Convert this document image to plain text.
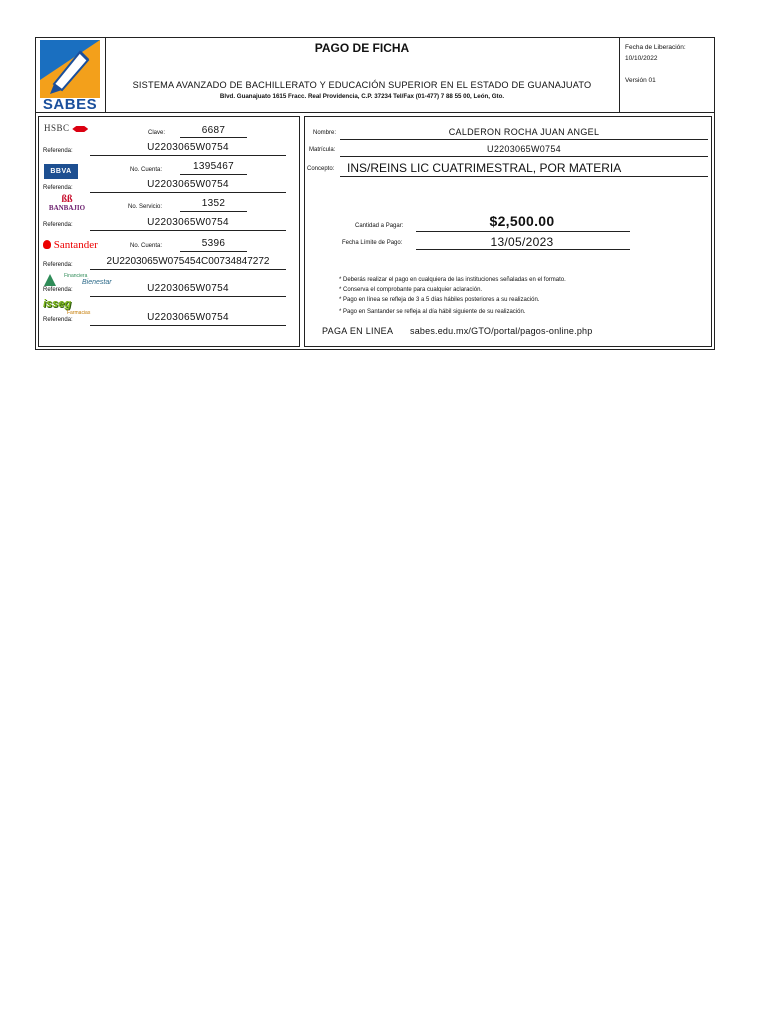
SABES
PAGO DE FICHA
SISTEMA AVANZADO DE BACHILLERATO Y EDUCACIÓN SUPERIOR EN EL ESTADO DE GUANAJUATO
Blvd. Guanajuato 1615 Fracc. Real Providencia, C.P. 37234 Tel/Fax (01-477) 7 88 55 00, León, Gto.
Fecha de Liberación:
10/10/2022
Versión 01
HSBC	Clave:	6687
Referenda:	U2203065W0754
BBVA	No. Cuenta:	1395467
Referenda:	U2203065W0754
ßß
BANBAJIO	No. Servicio:	1352
Referenda:	U2203065W0754
Santander	No. Cuenta:	5396
Referenda:	2U2203065W075454C00734847272
Financiera
Bienestar
Referenda:	U2203065W0754
isseg
Farmacias
Referenda:	U2203065W0754
Nombre:	CALDERON ROCHA JUAN ANGEL
Matrícula:	U2203065W0754
Concepto: INS/REINS LIC CUATRIMESTRAL, POR MATERIA
Cantidad a Pagar:	$2,500.00
Fecha Límite de Pago:	13/05/2023
* Deberás realizar el pago en cualquiera de las instituciones señaladas en el formato.
* Conserva el comprobante para cualquier aclaración.
* Pago en línea se refleja de 3 a 5 días hábiles posteriores a su realización.
* Pago en Santander se refleja al día hábil siguiente de su realización.
PAGA EN LINEA sabes.edu.mx/GTO/portal/pagos-online.php
